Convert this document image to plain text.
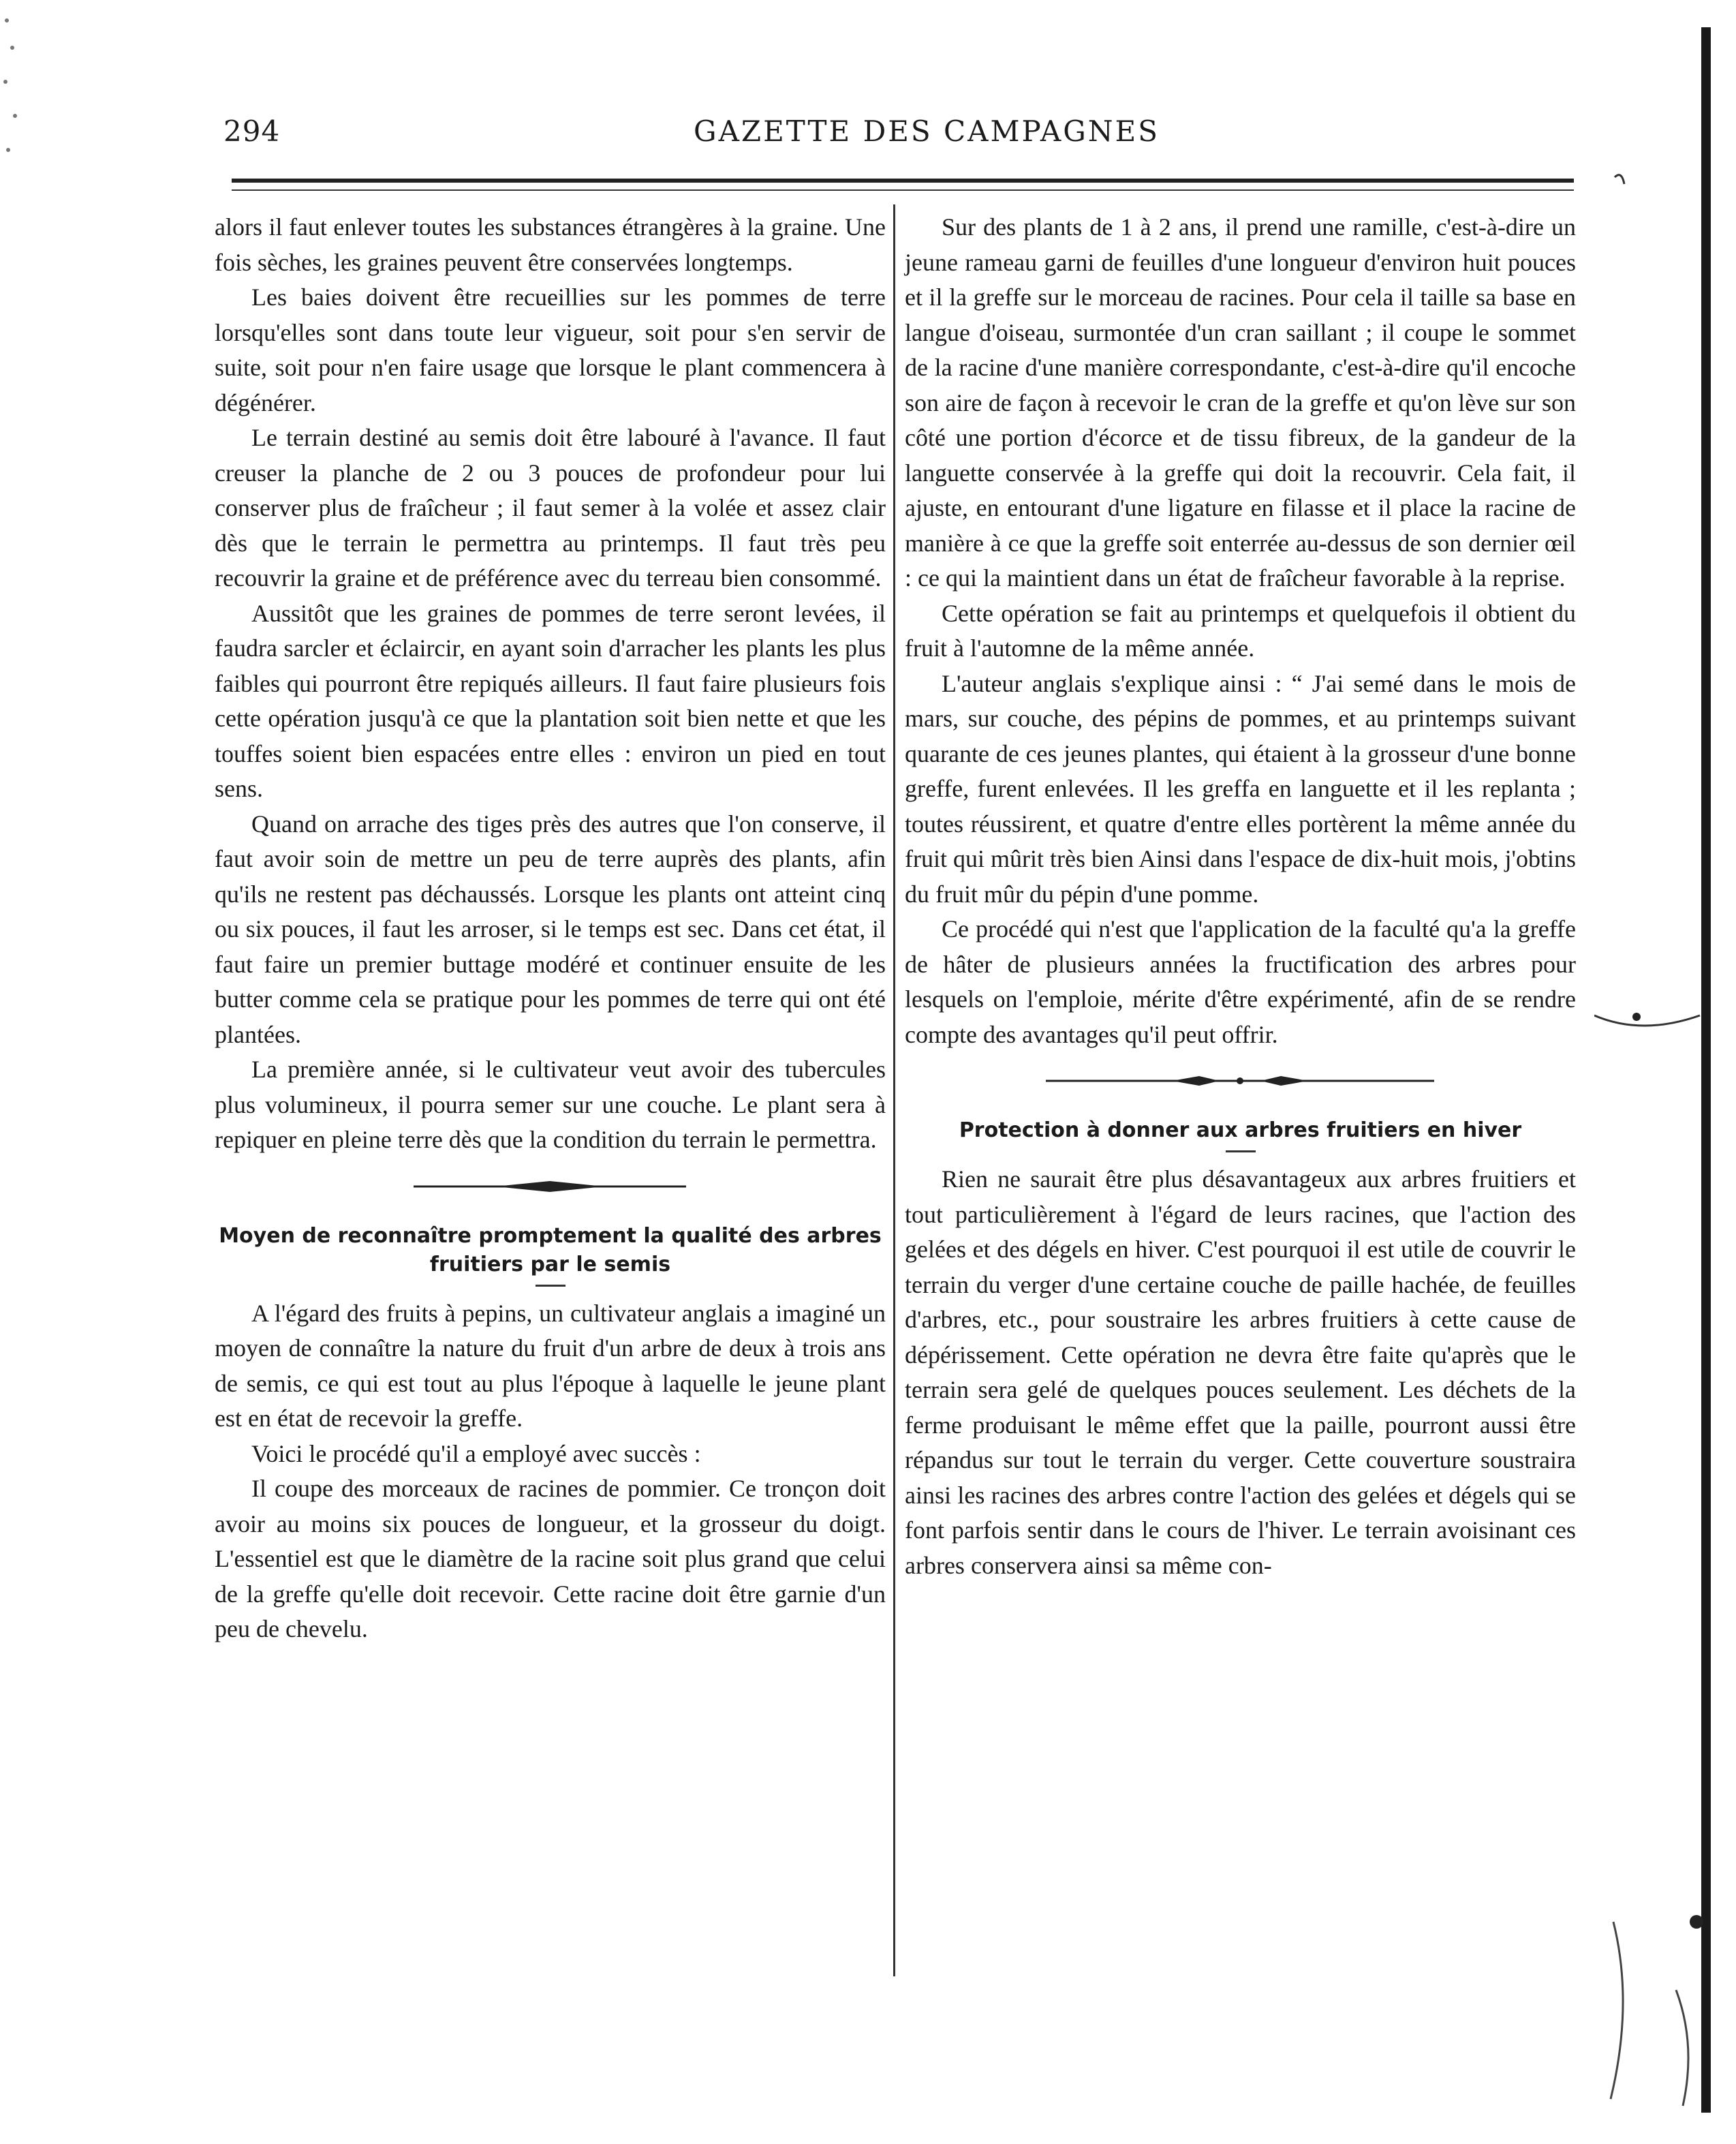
294	GAZETTE DES CAMPAGNES

alors il faut enlever toutes les substances étrangères à la graine. Une fois sèches, les graines peuvent être conservées longtemps.

Les baies doivent être recueillies sur les pommes de terre lorsqu'elles sont dans toute leur vigueur, soit pour s'en servir de suite, soit pour n'en faire usage que lorsque le plant commencera à dégénérer.

Le terrain destiné au semis doit être labouré à l'avance. Il faut creuser la planche de 2 ou 3 pouces de profondeur pour lui conserver plus de fraîcheur ; il faut semer à la volée et assez clair dès que le terrain le permettra au printemps. Il faut très peu recouvrir la graine et de préférence avec du terreau bien consommé.

Aussitôt que les graines de pommes de terre seront levées, il faudra sarcler et éclaircir, en ayant soin d'arracher les plants les plus faibles qui pourront être repiqués ailleurs. Il faut faire plusieurs fois cette opération jusqu'à ce que la plantation soit bien nette et que les touffes soient bien espacées entre elles : environ un pied en tout sens.

Quand on arrache des tiges près des autres que l'on conserve, il faut avoir soin de mettre un peu de terre auprès des plants, afin qu'ils ne restent pas déchaussés. Lorsque les plants ont atteint cinq ou six pouces, il faut les arroser, si le temps est sec. Dans cet état, il faut faire un premier buttage modéré et continuer ensuite de les butter comme cela se pratique pour les pommes de terre qui ont été plantées.

La première année, si le cultivateur veut avoir des tubercules plus volumineux, il pourra semer sur une couche. Le plant sera à repiquer en pleine terre dès que la condition du terrain le permettra.

Moyen de reconnaître promptement la qualité des arbres fruitiers par le semis

A l'égard des fruits à pepins, un cultivateur anglais a imaginé un moyen de connaître la nature du fruit d'un arbre de deux à trois ans de semis, ce qui est tout au plus l'époque à laquelle le jeune plant est en état de recevoir la greffe.

Voici le procédé qu'il a employé avec succès :

Il coupe des morceaux de racines de pommier. Ce tronçon doit avoir au moins six pouces de longueur, et la grosseur du doigt. L'essentiel est que le diamètre de la racine soit plus grand que celui de la greffe qu'elle doit recevoir. Cette racine doit être garnie d'un peu de chevelu.

Sur des plants de 1 à 2 ans, il prend une ramille, c'est-à-dire un jeune rameau garni de feuilles d'une longueur d'environ huit pouces et il la greffe sur le morceau de racines. Pour cela il taille sa base en langue d'oiseau, surmontée d'un cran saillant ; il coupe le sommet de la racine d'une manière correspondante, c'est-à-dire qu'il encoche son aire de façon à recevoir le cran de la greffe et qu'on lève sur son côté une portion d'écorce et de tissu fibreux, de la gandeur de la languette conservée à la greffe qui doit la recouvrir. Cela fait, il ajuste, en entourant d'une ligature en filasse et il place la racine de manière à ce que la greffe soit enterrée au-dessus de son dernier œil : ce qui la maintient dans un état de fraîcheur favorable à la reprise.

Cette opération se fait au printemps et quelquefois il obtient du fruit à l'automne de la même année.

L'auteur anglais s'explique ainsi : “ J'ai semé dans le mois de mars, sur couche, des pépins de pommes, et au printemps suivant quarante de ces jeunes plantes, qui étaient à la grosseur d'une bonne greffe, furent enlevées. Il les greffa en languette et il les replanta ; toutes réussirent, et quatre d'entre elles portèrent la même année du fruit qui mûrit très bien Ainsi dans l'espace de dix-huit mois, j'obtins du fruit mûr du pépin d'une pomme.

Ce procédé qui n'est que l'application de la faculté qu'a la greffe de hâter de plusieurs années la fructification des arbres pour lesquels on l'emploie, mérite d'être expérimenté, afin de se rendre compte des avantages qu'il peut offrir.

Protection à donner aux arbres fruitiers en hiver

Rien ne saurait être plus désavantageux aux arbres fruitiers et tout particulièrement à l'égard de leurs racines, que l'action des gelées et des dégels en hiver. C'est pourquoi il est utile de couvrir le terrain du verger d'une certaine couche de paille hachée, de feuilles d'arbres, etc., pour soustraire les arbres fruitiers à cette cause de dépérissement. Cette opération ne devra être faite qu'après que le terrain sera gelé de quelques pouces seulement. Les déchets de la ferme produisant le même effet que la paille, pourront aussi être répandus sur tout le terrain du verger. Cette couverture soustraira ainsi les racines des arbres contre l'action des gelées et dégels qui se font parfois sentir dans le cours de l'hiver. Le terrain avoisinant ces arbres conservera ainsi sa même con-
